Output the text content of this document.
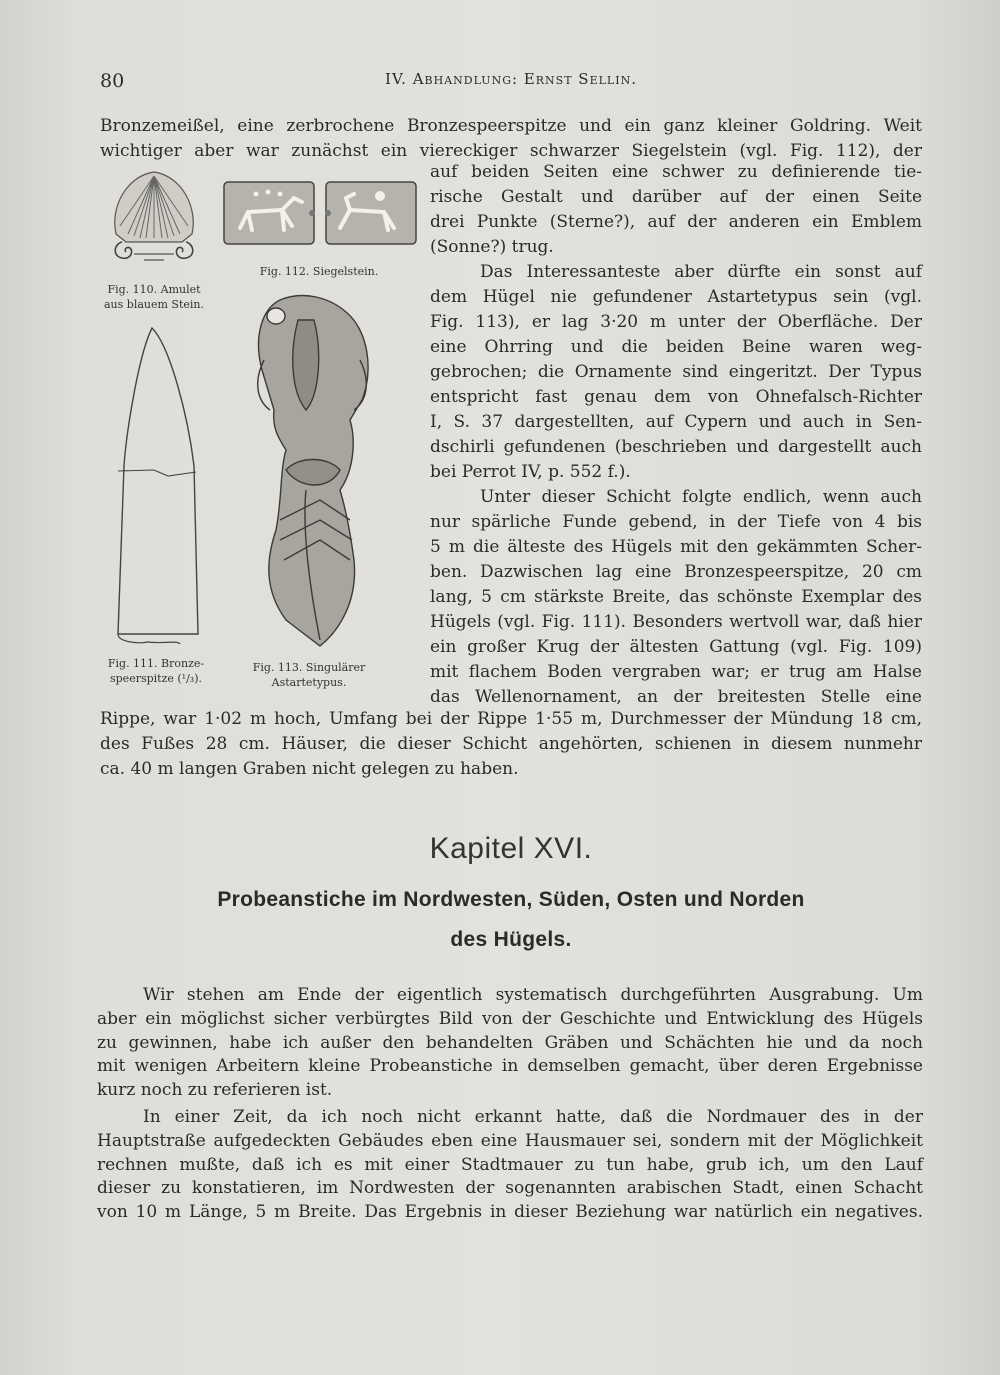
80	IV. Abhandlung: Ernst Sellin.
Bronzemeißel, eine zerbrochene Bronzespeerspitze und ein ganz kleiner Goldring. Weit
wichtiger aber war zunächst ein viereckiger schwarzer Siegelstein (vgl. Fig. 112), der
auf beiden Seiten eine schwer zu definierende tie-
rische Gestalt und darüber auf der einen Seite
drei Punkte (Sterne?), auf der anderen ein Emblem
(Sonne?) trug.
Das Interessanteste aber dürfte ein sonst auf
dem Hügel nie gefundener Astartetypus sein (vgl.
Fig. 113), er lag 3·20 m unter der Oberfläche. Der
eine Ohrring und die beiden Beine waren weg-
gebrochen; die Ornamente sind eingeritzt. Der Typus
entspricht fast genau dem von Ohnefalsch-Richter
I, S. 37 dargestellten, auf Cypern und auch in Sen-
dschirli gefundenen (beschrieben und dargestellt auch
bei Perrot IV, p. 552 f.).
Unter dieser Schicht folgte endlich, wenn auch
nur spärliche Funde gebend, in der Tiefe von 4 bis
5 m die älteste des Hügels mit den gekämmten Scher-
ben. Dazwischen lag eine Bronzespeerspitze, 20 cm
lang, 5 cm stärkste Breite, das schönste Exemplar des
Hügels (vgl. Fig. 111). Besonders wertvoll war, daß hier
ein großer Krug der ältesten Gattung (vgl. Fig. 109)
mit flachem Boden vergraben war; er trug am Halse
das Wellenornament, an der breitesten Stelle eine
Rippe, war 1·02 m hoch, Umfang bei der Rippe 1·55 m, Durchmesser der Mündung 18 cm,
des Fußes 28 cm. Häuser, die dieser Schicht angehörten, schienen in diesem nunmehr
ca. 40 m langen Graben nicht gelegen zu haben.
Fig. 110. Amulet
aus blauem Stein.
Fig. 112. Siegelstein.
Fig. 111. Bronze-
speerspitze (¹/₃).
Fig. 113. Singulärer
Astartetypus.
Kapitel XVI.
Probeanstiche im Nordwesten, Süden, Osten und Norden
des Hügels.
Wir stehen am Ende der eigentlich systematisch durchgeführten Ausgrabung. Um
aber ein möglichst sicher verbürgtes Bild von der Geschichte und Entwicklung des Hügels
zu gewinnen, habe ich außer den behandelten Gräben und Schächten hie und da noch
mit wenigen Arbeitern kleine Probeanstiche in demselben gemacht, über deren Ergebnisse
kurz noch zu referieren ist.
In einer Zeit, da ich noch nicht erkannt hatte, daß die Nordmauer des in der
Hauptstraße aufgedeckten Gebäudes eben eine Hausmauer sei, sondern mit der Möglichkeit
rechnen mußte, daß ich es mit einer Stadtmauer zu tun habe, grub ich, um den Lauf
dieser zu konstatieren, im Nordwesten der sogenannten arabischen Stadt, einen Schacht
von 10 m Länge, 5 m Breite. Das Ergebnis in dieser Beziehung war natürlich ein negatives.
